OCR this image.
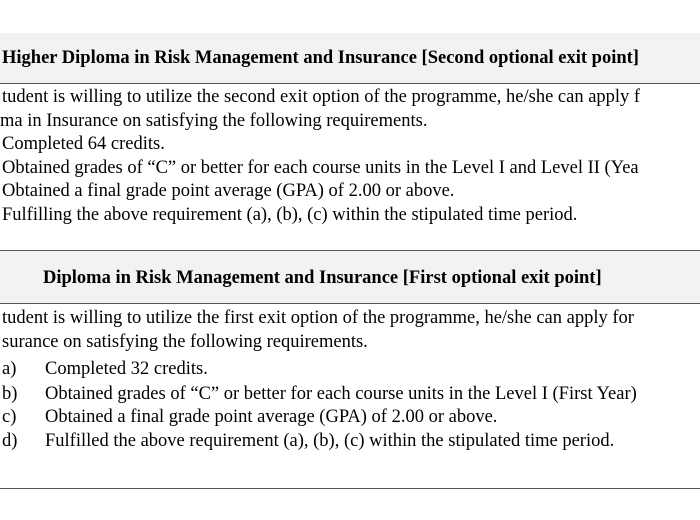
Higher Diploma in Risk Management and Insurance [Second optional exit point]
tudent is willing to utilize the second exit option of the programme, he/she can apply f
ma in Insurance on satisfying the following requirements.
Completed 64 credits.
Obtained grades of “C” or better for each course units in the Level I and Level II (Yea
Obtained a final grade point average (GPA) of 2.00 or above.
Fulfilling the above requirement (a), (b), (c) within the stipulated time period.
Diploma in Risk Management and Insurance [First optional exit point]
tudent is willing to utilize the first exit option of the programme, he/she can apply for
surance on satisfying the following requirements.
a) Completed 32 credits.
b) Obtained grades of “C” or better for each course units in the Level I (First Year)
c) Obtained a final grade point average (GPA) of 2.00 or above.
d) Fulfilled the above requirement (a), (b), (c) within the stipulated time period.
